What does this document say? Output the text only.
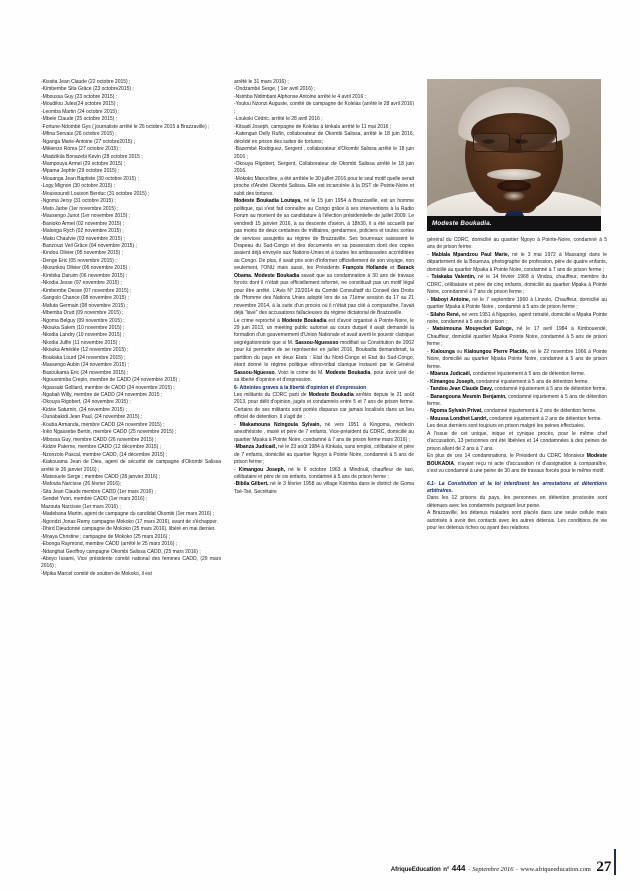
-Kissita Jean Claude (22 octobre 2015) ;

-Kimbembe Sita Grâce (23 octobre2015) ;

-Mboussa Guy (23 octobre 2015) :

-Moudilou Jules(24 octobre 2015) ;

-Leomba Martin (24 octobre 2015) ;

-Mbele Claude (25 octobre 2015) ;

-Fortune-Ndombè Gys ( journaliste arrêté le 26 octobre 2015 à Brazzaville) ;

-Mfina Servais (26 octobre 2015) ;

-Nganga Marie-Antoine (27 octobre2015) ;

-Mikienzo Roma (27 octobre 2015) ;

-Miadzikila Bonazebi Kevin (28 octobre 2015 ;

-Mampouya Armel (29 octobre 2015) ;

-Mpama Jephte (29 octobre 2015) ;

-Mouanga Jean Baptiste (30 octobre 2015) ;

-Logy Mignon (30 octobre 2015) ;

-Moussoundi Louison Berduc (31 octobre 2015) ;

-Ngoma Jersy (31 octobre 2015) ;

-Mato Jarbe (1er novembre 2015) ;

-Massengo Junot (1er novembre 2015) ;

-Banioko Armel (02 novembre 2015) ;

-Malonga Rych (02 novembre 2015) ;

-Maku Chaulvie (03 novembre 2015) ;

-Banzouzi Veil Grâce (04 novembre 2015) ;

-Kindou Olivier (05 novembre 2015) ;

-Denge Eric (05 novembre 2015) ;

-Nkounkou Olivier (06 novembre 2015) ;

-Kimbika Daruim (06 novembre 2015) ;

-Nkodia Jesse (07 novembre 2015) ;

-Kimbembe Desse (07 novembre 2015) ;

-Sangolo Chance (08 novembre 2015) ;

-Mafuta Germain (08 novembre 2015) ;

-Mbemba Drud (09 novembre 2015) ;

-Ngoma Belguy (09 novembre 2015) ;

-Nkouka Salem (10 novembre 2015) ;

-Nkodia Landry (10 novembre 2015) ;

-Nkodia Julfin (11 novembre 2015) ;

-Nkouka Amédée (12 novembre 2015) ;

-Boukaka Lourd (24 novembre 2015) ;

-Massengo Aubin (24 novembre 2015) ;

-Basoukama Eric (24 novembre 2015) ;

-Ngouonimba Crepin, membre de CADD (24 novembre 2015) ;

-Ngassaki Golliard, membre de CADD (24 novembre 2015) ;

-Ngabali Willy, membre de CADD (24 novembre 2015 ;

-Okouya Rigobert, (24 novembre 2015) ;

-Kidzie Saturnin, (24 novembre 2015) ;

-Ounabakidi Jean Paul, (24 novembre 2015) ;

-Kouba Armanda, membre CADD (24 novembre 2015) ;

-Inko Ngassebe Bertin, membre CADD (25 novembre 2015) ;

-Mbossa Guy, membre CADD (26 novembre 2015) ;

-Kidzie Paterne, membre CADD (12 décembre 2015) ;

-Nzonzolo Pascal, membre CADD, (14 décembre 2015) ;

-Kiakouama Jean de Dieu, agent de sécurité de campagne d'Okombi Salissa arrêté le 26 janvier 2016) ;

-Matsouele Serge ; membre CADD (28 janvier 2016) ;

-Mafouta Narcisse (26 février 2016);

-Sita Jean Claude membre CADD (1er mars 2016) ;

-Sendet Yvon, membre CADD (1er mars 2016) ;

Mazouta Narcisse (1er mars 2016) ;

-Madebana Martin, agent de campagne du candidat Okombi (1er mars 2016) ;

-Ngondzi Jonas Remy campagne Mokoko (17 mars 2016), avant de s'échapper.

-Dhird Dieudonné campagne de Mokoko (25 mars 2016), libéré en mai dernier.

-Moaya Christine ; campagne de Mokoko (25 mars 2016) ;

-Ebonga Raymond, membre CADD (arrêté le 25 mars 2016) ;

-Ndanghat Geoffroy campagne Okombi Salissa CADD, (25 mars 2016) ;

-Aboyo Issami, Vice présidente comité national des femmes CADD, (29 mars 2016) ;

-Mpika Marcel comité de soutien de Mokoko, il est

arrêté le 31 mars 2016) ;

-Ondzambé Serge, ( 1er avril 2016) ;

-Nsimba Nidimbani Alphonse Antoine arrêté le 4 avril 2016 :

-Youlou Nzonzi Auguste, comité de campagne de Kolelas (arrêté le 28 avril 2016) ;

-Loukoki Cédric, arrêté le 28 avril 2016 ;

-Kitsadi Joseph, campagne de Kolelas à kinkala arrêté le 11 mai 2016 ;

-Katengué Delly Rufin, collaborateur de Okombi Salissa, arrêté le 18 juin 2016, décédé en prison des suites de tortures;

-Bazembé Rodriguez, Sergent , collaborateur d'Okombi Salissa arrêté le 18 juin 2016 ;

-Okouya Rigobert, Sergent, Collaborateur de Okombi Salissa arrêté le 18 juin 2016.

-Mokoko Marcelline, a été arrêtée le 30 juillet 2016 pour le seul motif quelle serait proche d'André Okombi Salissa. Elle est incarcérée à la DST de Pointe-Noire et subit des tortures.

Modeste Boukadia Loutaya, né le 15 juin 1954 à Brazzaville, est un homme politique, qui s'est fait connaître au Congo grâce à ses interventions à la Radio Forum au moment de sa candidature à l'élection présidentielle de juillet 2009. Le vendredi 15 janvier 2016, à sa descente d'avion, à 18h30, il a été accueilli par pas moins de deux centaines de militaires, gendarmes, policiers et toutes sortes de services assujettis au régime de Brazzaville. Ses bourreaux saisissent le Drapeau du Sud-Congo et des documents en sa possession dont des copies avaient déjà envoyés aux Nations-Unies et à toutes les ambassades accréditées au Congo. De plus, il avait pris soin d'informer officiellement de son voyage, non seulement, l'ONU mais aussi, les Présidents François Hollande et Barack Obama. Modeste Boukadia savait que sa condamnation à 30 ans de travaux forcés dont il n'était pas officiellement informé, ne constituait pas un motif légal pour être arrêté. L'Avis N° 22/2014 du Comité Consultatif du Conseil des Droits de l'Homme des Nations Unies adopté lors de sa 71ème session du 17 au 21 novembre 2014, à la suite d'un procès où il n'était pas cité à comparaître, l'avait déjà "lavé" des accusations fallacieuses du régime dictatorial de Brazzaville.

Le crime reproché à Modeste Boukadia est d'avoir organisé à Pointe-Noire, le 29 juin 2013, un meeting public autorisé au cours duquel il avait demandé la formation d'un gouvernement d'Union Nationale et avait averti le pouvoir clanique ségrégationniste que si M. Sassou-Nguessso modifiait sa Constitution de 2002 pour lui permettre de se représenter en juillet 2016, Boukadia demanderait, la partition du pays en deux Etats : Etat du Nord-Congo et Etat du Sud-Congo, étant donné le régime politique ethno-tribal clanique instauré par le Général Sassou-Nguesso. Voici le crime de M. Modeste Boukadia, pour avoir usé de sa liberté d'opinion et d'expression.

6- Atteintes graves à la liberté d'opinion et d'expression

Les militants du CDRC parti de Modeste Boukadia arrêtés depuis le 21 août 2013, pour délit d'opinion, jugés et condamnés entre 5 et 7 ans de prison ferme. Certains de ses militants sont portés disparus car jamais localisés dans un lieu officiel de détention. Il s'agit de :

- Miakamouna Nzingoula Sylvain, né vers 1951 à Kingoma, médecin anesthésiste , marié et père de 7 enfants, Vice-président du CDRC, domicilié au quartier Mpaka à Pointe Noire, condamné à 7 ans de prison ferme mars 2016) ;

-Mbanza Judicaël, né le 23 août 1984 à Kinkala, sans emploi, célibataire et père de 7 enfants, domicilié au quartier Ngoyo à Pointe Noire, condamné à 5 ans de prison ferme ;

- Kimangou Joseph, né le 6 octobre 1963 à Mindouli, chauffeur de taxi, célibataire et père de six enfants, condamné à 5 ans de prison ferme ;

-Bibila Gilbert, né le 3 février 1958 au village Kivimba dans le district de Goma Tsé-Tsé, Secrétaire

Modeste Boukadia.

général du CDRC, domicilié au quartier Ngoyo à Pointe-Noire, condamné à 5 ans de prison ferme.

- Mabiala Mpandzou Paul Marie, né le 3 mai 1972 à Massangi dans le département de la Bouenza, photographe de profession, père de quatre enfants, domicilié au quartier Mpaka à Pointe Noire, condamné à 7 ans de prison ferme ;

- Tsiakaka Valentin, né le 14 février 1968 à Vindza, chauffeur, membre du CDRC, célibataire et père de cinq enfants, domicilié au quartier Mpaka à Pointe Noire, conndamné à 7 ans de prison ferme ;

- Maboyi Antoine, né le 7 septembre 1960 à Linzolo, Chauffeur, domicilié au quartier Mpaka à Pointe Noire , condamné à 5 ans de prison ferme ;

- Silaho René, né vers 1951 à Ngapoko, agent retraité, domicilié a Mpaka Pointe noire, condamné à 5 ans de prison ;

- Matsimouna Mouyecket Euloge, né le 17 avril 1984 à Kimbouendé, Chauffeur, domicilié quartier Mpaka Pointe Noire, condamné à 5 ans de prison ferme ;

- Kialounga ou Kialoungou Pierre Placide, né le 22 novembre 1966 à Pointe Noire, domicilié au quartier Mpaka Pointe Noire, condamné à 5 ans de prison ferme.

- Mbanza Judicaël, condamné injustement à 5 ans de détention ferme.

- Kimangou Joseph, condamné injustement à 5 ans de détention ferme.

- Tandou Jean Claude Davy, condamné injustement à 5 ans de détention ferme.

- Banangouna Mesmin Benjamin, condamné injustement à 5 ans de détention ferme.

- Ngoma Sylvain Privat, condamné injustement à 2 ans de détention ferme.

- Moussa Londhet Landri, condamné injustement à 2 ans de détention ferme.

Les deux derniers sont toujours en prison malgré les peines effectuées.

A l'issue de cet unique, inique et cynique procès, pour le même chef d'accusation, 13 personnes ont été libérées et 14 condamnées à des peines de prison allant de 2 ans à 7 ans.

En plus de ces 14 condamnations, le Président du CDRC Monsieur Modeste BOUKADIA, n'ayant reçu ni acte d'accusation ni d'assignation à comparaître, s'est vu condamné à une peine de 30 ans de travaux forcés pour le même motif.

6.1- La Constitution et la loi interdisent les arrestations et détentions arbitraires.

Dans les 12 prisons du pays, les personnes en détention provisoire sont détenues avec les condamnés purgeant leur peine.

A Brazzaville, les détenus malades sont placés dans une seule cellule mais autorisés à avoir des contacts avec les autres détenus. Les conditions de vie pour les détenus riches ou ayant des relations

AfriqueEducation n° 444 - Septembre 2016 - www.afriqueeducation.com 27
